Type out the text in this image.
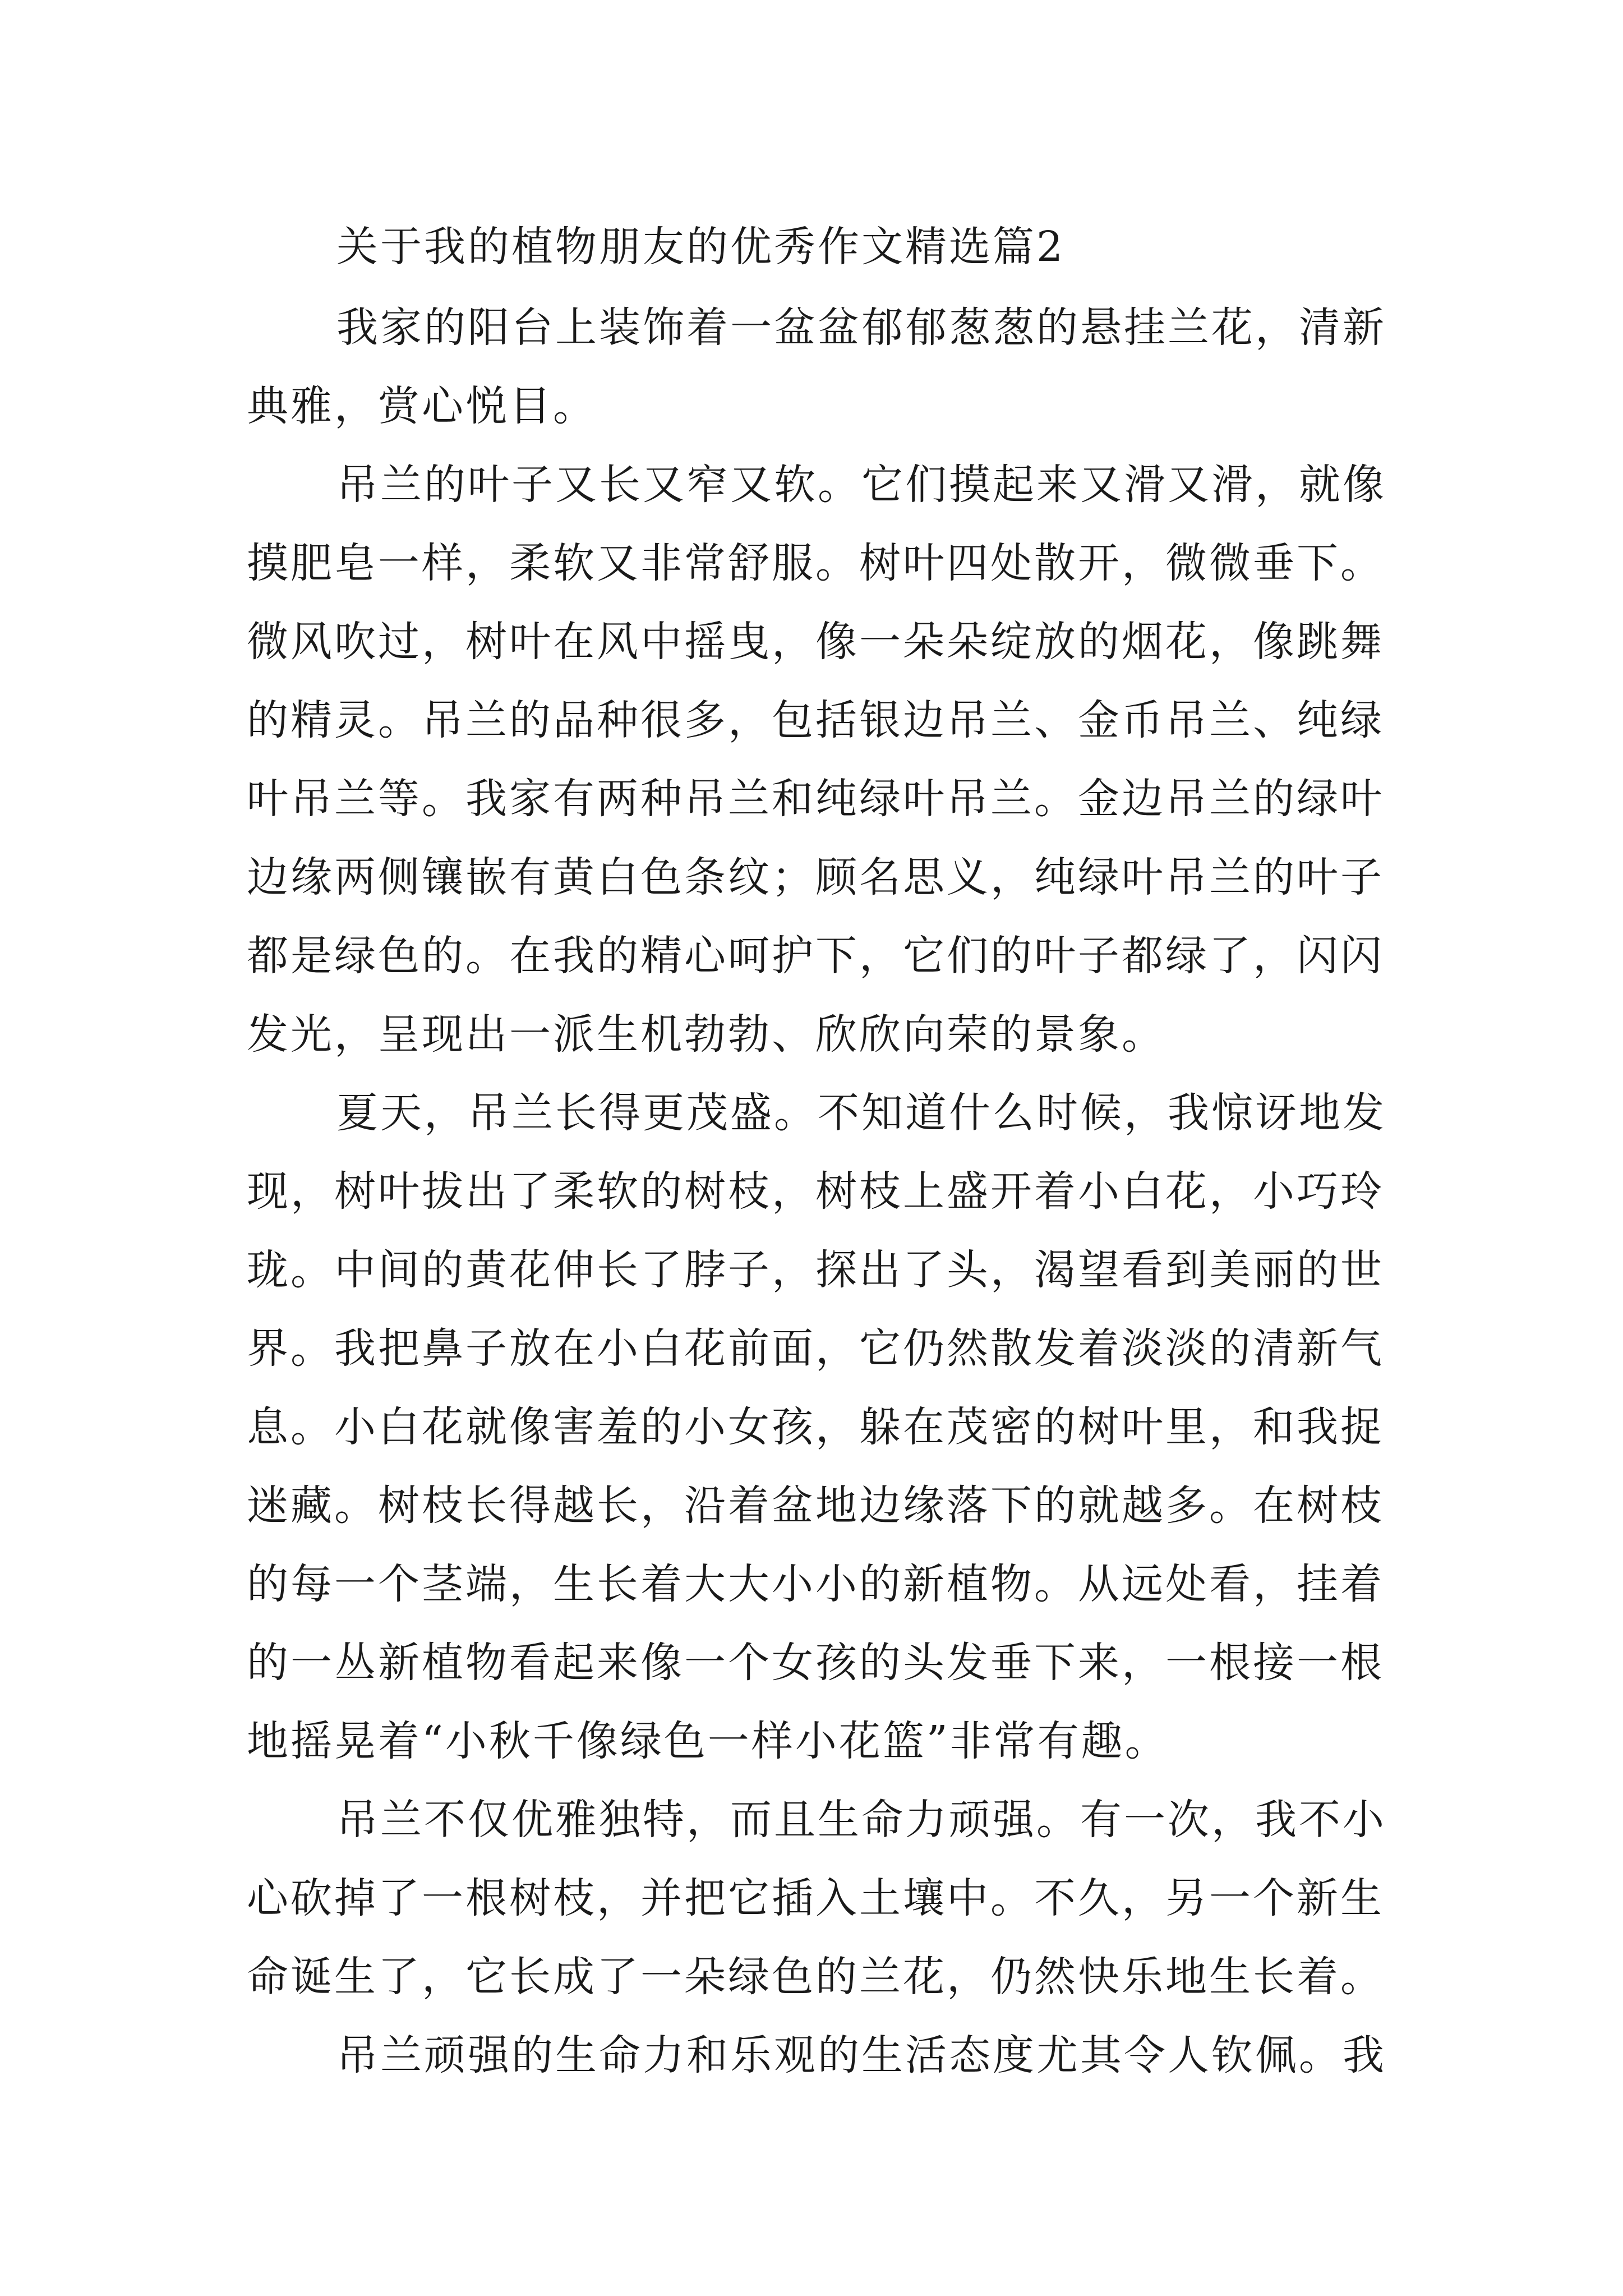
关于我的植物朋友的优秀作文精选篇2
我家的阳台上装饰着一盆盆郁郁葱葱的悬挂兰花，清新
典雅，赏心悦目。
吊兰的叶子又长又窄又软。它们摸起来又滑又滑，就像
摸肥皂一样，柔软又非常舒服。树叶四处散开，微微垂下。
微风吹过，树叶在风中摇曳，像一朵朵绽放的烟花，像跳舞
的精灵。吊兰的品种很多，包括银边吊兰、金币吊兰、纯绿
叶吊兰等。我家有两种吊兰和纯绿叶吊兰。金边吊兰的绿叶
边缘两侧镶嵌有黄白色条纹；顾名思义，纯绿叶吊兰的叶子
都是绿色的。在我的精心呵护下，它们的叶子都绿了，闪闪
发光，呈现出一派生机勃勃、欣欣向荣的景象。
夏天，吊兰长得更茂盛。不知道什么时候，我惊讶地发
现，树叶拔出了柔软的树枝，树枝上盛开着小白花，小巧玲
珑。中间的黄花伸长了脖子，探出了头，渴望看到美丽的世
界。我把鼻子放在小白花前面，它仍然散发着淡淡的清新气
息。小白花就像害羞的小女孩，躲在茂密的树叶里，和我捉
迷藏。树枝长得越长，沿着盆地边缘落下的就越多。在树枝
的每一个茎端，生长着大大小小的新植物。从远处看，挂着
的一丛新植物看起来像一个女孩的头发垂下来，一根接一根
地摇晃着“小秋千像绿色一样小花篮”非常有趣。
吊兰不仅优雅独特，而且生命力顽强。有一次，我不小
心砍掉了一根树枝，并把它插入土壤中。不久，另一个新生
命诞生了，它长成了一朵绿色的兰花，仍然快乐地生长着。
吊兰顽强的生命力和乐观的生活态度尤其令人钦佩。我
